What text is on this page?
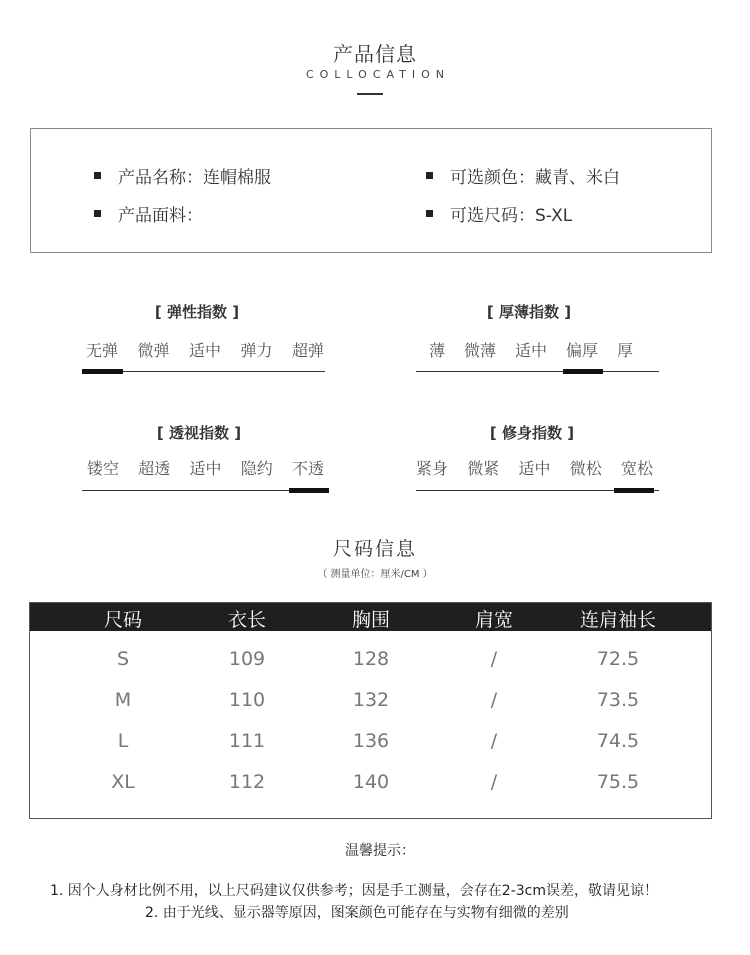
产品信息
COLLOCATION
产品名称：连帽棉服
产品面料：
可选颜色：藏青、米白
可选尺码：S-XL
[ 弹性指数 ]
无弹 微弹 适中 弹力 超弹
[ 厚薄指数 ]
薄 微薄 适中 偏厚 厚
[ 透视指数 ]
镂空 超透 适中 隐约 不透
[ 修身指数 ]
紧身 微紧 适中 微松 宽松
尺码信息
（ 测量单位：厘米/CM ）
尺码	衣长	胸围	肩宽	连肩袖长
S	109	128	/	72.5
M	110	132	/	73.5
L	111	136	/	74.5
XL	112	140	/	75.5
温馨提示：
1. 因个人身材比例不用，以上尺码建议仅供参考；因是手工测量，会存在2-3cm误差，敬请见谅！
2. 由于光线、显示器等原因，图案颜色可能存在与实物有细微的差别
